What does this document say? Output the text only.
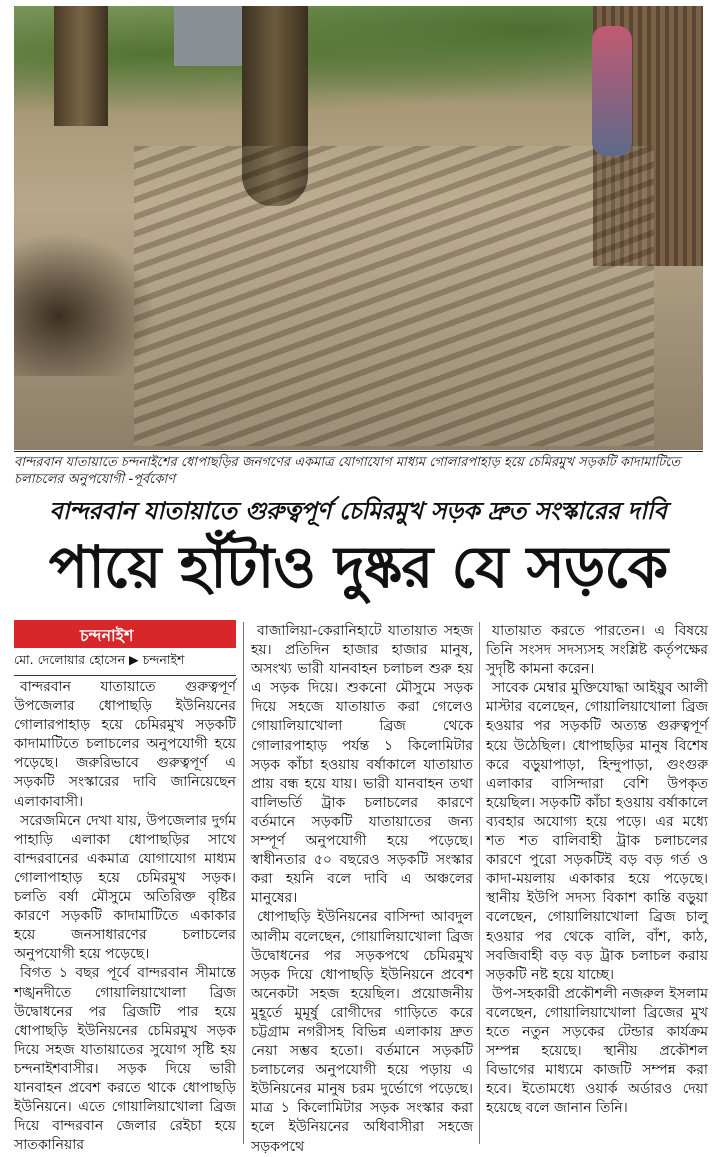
বান্দরবান যাতায়াতে চন্দনাইশের ধোপাছড়ির জনগণের একমাত্র যোগাযোগ মাধ্যম গোলারপাহাড় হয়ে চেমিরমুখ সড়কটি কাদামাটিতে চলাচলের অনুপযোগী -পূর্বকোণ
বান্দরবান যাতায়াতে গুরুত্বপূর্ণ চেমিরমুখ সড়ক দ্রুত সংস্কারের দাবি
পায়ে হাঁটাও দুষ্কর যে সড়কে
চন্দনাইশ
মো. দেলোয়ার হোসেন ▶ চন্দনাইশ

বান্দরবান যাতায়াতে গুরুত্বপূর্ণ উপজেলার ধোপাছড়ি ইউনিয়নের গোলারপাহাড় হয়ে চেমিরমুখ সড়কটি কাদামাটিতে চলাচলের অনুপযোগী হয়ে পড়েছে। জরুরিভাবে গুরুত্বপূর্ণ এ সড়কটি সংস্কারের দাবি জানিয়েছেন এলাকাবাসী।

সরেজমিনে দেখা যায়, উপজেলার দুর্গম পাহাড়ি এলাকা ধোপাছড়ির সাথে বান্দরবানের একমাত্র যোগাযোগ মাধ্যম গোলাপাহাড় হয়ে চেমিরমুখ সড়ক। চলতি বর্ষা মৌসুমে অতিরিক্ত বৃষ্টির কারণে সড়কটি কাদামাটিতে একাকার হয়ে জনসাধারণের চলাচলের অনুপযোগী হয়ে পড়েছে।

বিগত ১ বছর পূর্বে বান্দরবান সীমান্তে শঙ্খনদীতে গোয়ালিয়াখোলা ব্রিজ উদ্বোধনের পর ব্রিজটি পার হয়ে ধোপাছড়ি ইউনিয়নের চেমিরমুখ সড়ক দিয়ে সহজ যাতায়াতের সুযোগ সৃষ্টি হয় চন্দনাইশবাসীর। সড়ক দিয়ে ভারী যানবাহন প্রবেশ করতে থাকে ধোপাছড়ি ইউনিয়নে। এতে গোয়ালিয়াখোলা ব্রিজ দিয়ে বান্দরবান জেলার রেইচা হয়ে সাতকানিয়ার

বাজালিয়া-কেরানিহাটে যাতায়াত সহজ হয়। প্রতিদিন হাজার হাজার মানুষ, অসংখ্য ভারী যানবাহন চলাচল শুরু হয় এ সড়ক দিয়ে। শুকনো মৌসুমে সড়ক দিয়ে সহজে যাতায়াত করা গেলেও গোয়ালিয়াখোলা ব্রিজ থেকে গোলারপাহাড় পর্যন্ত ১ কিলোমিটার সড়ক কাঁচা হওয়ায় বর্ষাকালে যাতায়াত প্রায় বন্ধ হয়ে যায়। ভারী যানবাহন তথা বালিভর্তি ট্রাক চলাচলের কারণে বর্তমানে সড়কটি যাতায়াতের জন্য সম্পূর্ণ অনুপযোগী হয়ে পড়েছে। স্বাধীনতার ৫০ বছরেও সড়কটি সংস্কার করা হয়নি বলে দাবি এ অঞ্চলের মানুষের।

ধোপাছড়ি ইউনিয়নের বাসিন্দা আবদুল আলীম বলেছেন, গোয়ালিয়াখোলা ব্রিজ উদ্বোধনের পর সড়কপথে চেমিরমুখ সড়ক দিয়ে ধোপাছড়ি ইউনিয়নে প্রবেশ অনেকটা সহজ হয়েছিল। প্রয়োজনীয় মুহূর্তে মুমূর্ষু রোগীদের গাড়িতে করে চট্টগ্রাম নগরীসহ বিভিন্ন এলাকায় দ্রুত নেয়া সম্ভব হতো। বর্তমানে সড়কটি চলাচলের অনুপযোগী হয়ে পড়ায় এ ইউনিয়নের মানুষ চরম দুর্ভোগে পড়েছে। মাত্র ১ কিলোমিটার সড়ক সংস্কার করা হলে ইউনিয়নের অধিবাসীরা সহজে সড়কপথে

যাতায়াত করতে পারতেন। এ বিষয়ে তিনি সংসদ সদস্যসহ সংশ্লিষ্ট কর্তৃপক্ষের সুদৃষ্টি কামনা করেন।

সাবেক মেম্বার মুক্তিযোদ্ধা আইয়ুব আলী মাস্টার বলেছেন, গোয়ালিয়াখোলা ব্রিজ হওয়ার পর সড়কটি অত্যন্ত গুরুত্বপূর্ণ হয়ে উঠেছিল। ধোপাছড়ির মানুষ বিশেষ করে বড়ুয়াপাড়া, হিন্দুপাড়া, গুংগুরু এলাকার বাসিন্দারা বেশি উপকৃত হয়েছিল। সড়কটি কাঁচা হওয়ায় বর্ষাকালে ব্যবহার অযোগ্য হয়ে পড়ে। এর মধ্যে শত শত বালিবাহী ট্রাক চলাচলের কারণে পুরো সড়কটিই বড় বড় গর্ত ও কাদা-ময়লায় একাকার হয়ে পড়েছে। স্থানীয় ইউপি সদস্য বিকাশ কান্তি বড়ুয়া বলেছেন, গোয়ালিয়াখোলা ব্রিজ চালু হওয়ার পর থেকে বালি, বাঁশ, কাঠ, সবজিবাহী বড় বড় ট্রাক চলাচল করায় সড়কটি নষ্ট হয়ে যাচ্ছে।

উপ-সহকারী প্রকৌশলী নজরুল ইসলাম বলেছেন, গোয়ালিয়াখোলা ব্রিজের মুখ হতে নতুন সড়কের টেন্ডার কার্যক্রম সম্পন্ন হয়েছে। স্থানীয় প্রকৌশল বিভাগের মাধ্যমে কাজটি সম্পন্ন করা হবে। ইতোমধ্যে ওয়ার্ক অর্ডারও দেয়া হয়েছে বলে জানান তিনি।
